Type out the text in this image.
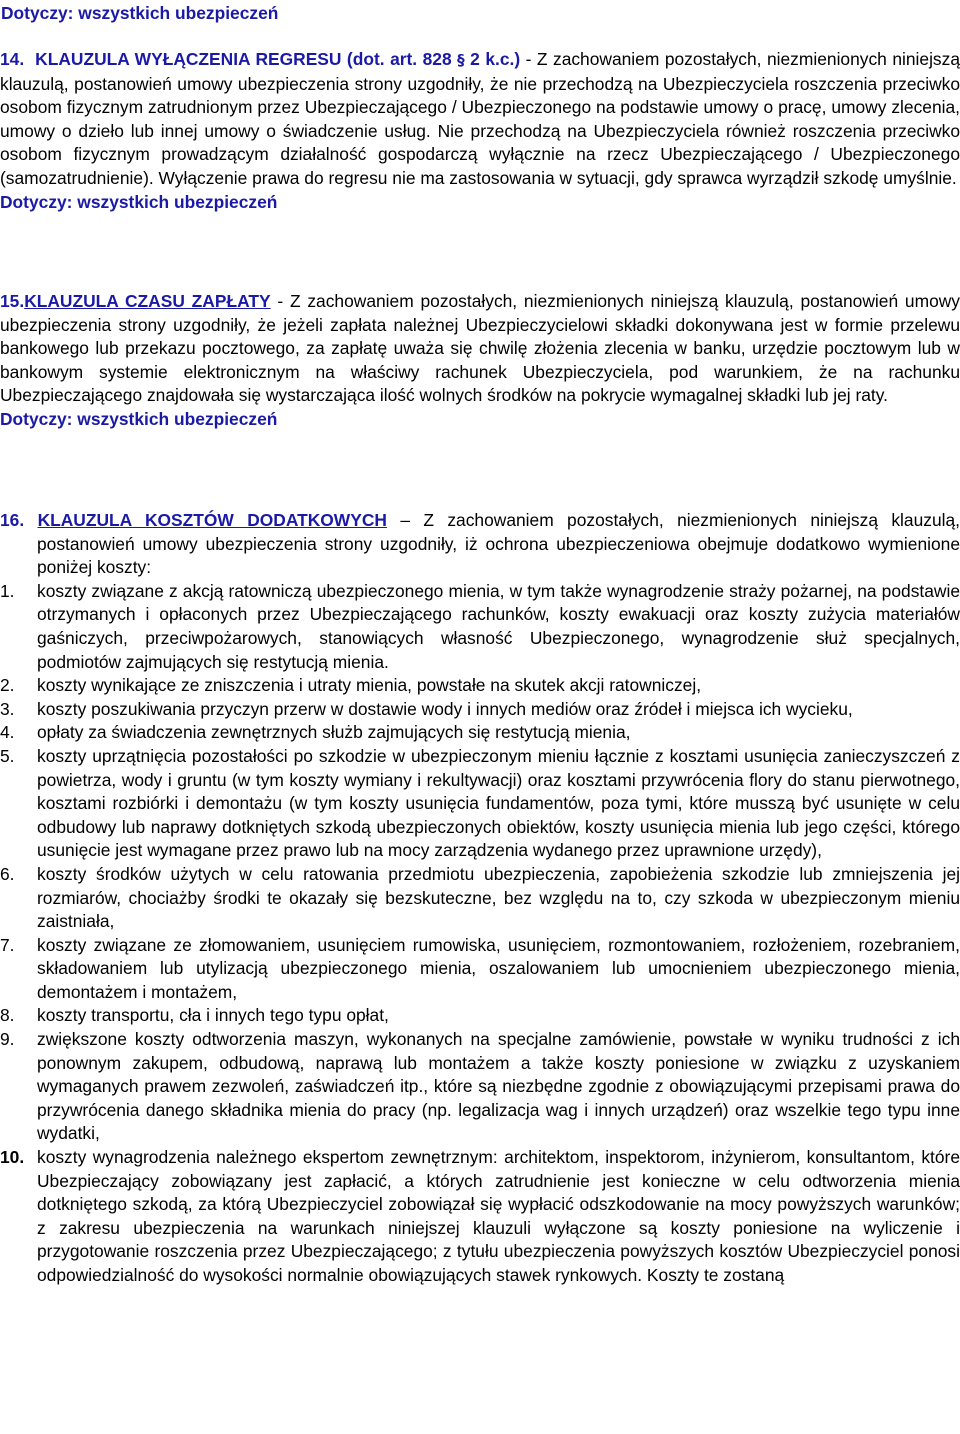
Dotyczy: wszystkich ubezpieczeń

14. KLAUZULA WYŁĄCZENIA REGRESU (dot. art. 828 § 2 k.c.) - Z zachowaniem pozostałych, niezmienionych niniejszą klauzulą, postanowień umowy ubezpieczenia strony uzgodniły, że nie przechodzą na Ubezpieczyciela roszczenia przeciwko osobom fizycznym zatrudnionym przez Ubezpieczającego / Ubezpieczonego na podstawie umowy o pracę, umowy zlecenia, umowy o dzieło lub innej umowy o świadczenie usług. Nie przechodzą na Ubezpieczyciela również roszczenia przeciwko osobom fizycznym prowadzącym działalność gospodarczą wyłącznie na rzecz Ubezpieczającego / Ubezpieczonego (samozatrudnienie). Wyłączenie prawa do regresu nie ma zastosowania w sytuacji, gdy sprawca wyrządził szkodę umyślnie.

Dotyczy: wszystkich ubezpieczeń

15.KLAUZULA CZASU ZAPŁATY - Z zachowaniem pozostałych, niezmienionych niniejszą klauzulą, postanowień umowy ubezpieczenia strony uzgodniły, że jeżeli zapłata należnej Ubezpieczycielowi składki dokonywana jest w formie przelewu bankowego lub przekazu pocztowego, za zapłatę uważa się chwilę złożenia zlecenia w banku, urzędzie pocztowym lub w bankowym systemie elektronicznym na właściwy rachunek Ubezpieczyciela, pod warunkiem, że na rachunku Ubezpieczającego znajdowała się wystarczająca ilość wolnych środków na pokrycie wymagalnej składki lub jej raty.

Dotyczy: wszystkich ubezpieczeń

16. KLAUZULA KOSZTÓW DODATKOWYCH – Z zachowaniem pozostałych, niezmienionych niniejszą klauzulą, postanowień umowy ubezpieczenia strony uzgodniły, iż ochrona ubezpieczeniowa obejmuje dodatkowo wymienione poniżej koszty:

1. koszty związane z akcją ratowniczą ubezpieczonego mienia, w tym także wynagrodzenie straży pożarnej, na podstawie otrzymanych i opłaconych przez Ubezpieczającego rachunków, koszty ewakuacji oraz koszty zużycia materiałów gaśniczych, przeciwpożarowych, stanowiących własność Ubezpieczonego, wynagrodzenie służ specjalnych, podmiotów zajmujących się restytucją mienia.
2. koszty wynikające ze zniszczenia i utraty mienia, powstałe na skutek akcji ratowniczej,
3. koszty poszukiwania przyczyn przerw w dostawie wody i innych mediów oraz źródeł i miejsca ich wycieku,
4. opłaty za świadczenia zewnętrznych służb zajmujących się restytucją mienia,
5. koszty uprzątnięcia pozostałości po szkodzie w ubezpieczonym mieniu łącznie z kosztami usunięcia zanieczyszczeń z powietrza, wody i gruntu (w tym koszty wymiany i rekultywacji) oraz kosztami przywrócenia flory do stanu pierwotnego, kosztami rozbiórki i demontażu (w tym koszty usunięcia fundamentów, poza tymi, które musszą być usunięte w celu odbudowy lub naprawy dotkniętych szkodą ubezpieczonych obiektów, koszty usunięcia mienia lub jego części, którego usunięcie jest wymagane przez prawo lub na mocy zarządzenia wydanego przez uprawnione urzędy),
6. koszty środków użytych w celu ratowania przedmiotu ubezpieczenia, zapobieżenia szkodzie lub zmniejszenia jej rozmiarów, chociażby środki te okazały się bezskuteczne, bez względu na to, czy szkoda w ubezpieczonym mieniu zaistniała,
7. koszty związane ze złomowaniem, usunięciem rumowiska, usunięciem, rozmontowaniem, rozłożeniem, rozebraniem, składowaniem lub utylizacją ubezpieczonego mienia, oszalowaniem lub umocnieniem ubezpieczonego mienia, demontażem i montażem,
8. koszty transportu, cła i innych tego typu opłat,
9. zwiększone koszty odtworzenia maszyn, wykonanych na specjalne zamówienie, powstałe w wyniku trudności z ich ponownym zakupem, odbudową, naprawą lub montażem a także koszty poniesione w związku z uzyskaniem wymaganych prawem zezwoleń, zaświadczeń itp., które są niezbędne zgodnie z obowiązującymi przepisami prawa do przywrócenia danego składnika mienia do pracy (np. legalizacja wag i innych urządzeń) oraz wszelkie tego typu inne wydatki,
10. koszty wynagrodzenia należnego ekspertom zewnętrznym: architektom, inspektorom, inżynierom, konsultantom, które Ubezpieczający zobowiązany jest zapłacić, a których zatrudnienie jest konieczne w celu odtworzenia mienia dotkniętego szkodą, za którą Ubezpieczyciel zobowiązał się wypłacić odszkodowanie na mocy powyższych warunków; z zakresu ubezpieczenia na warunkach niniejszej klauzuli wyłączone są koszty poniesione na wyliczenie i przygotowanie roszczenia przez Ubezpieczającego; z tytułu ubezpieczenia powyższych kosztów Ubezpieczyciel ponosi odpowiedzialność do wysokości normalnie obowiązujących stawek rynkowych. Koszty te zostaną
